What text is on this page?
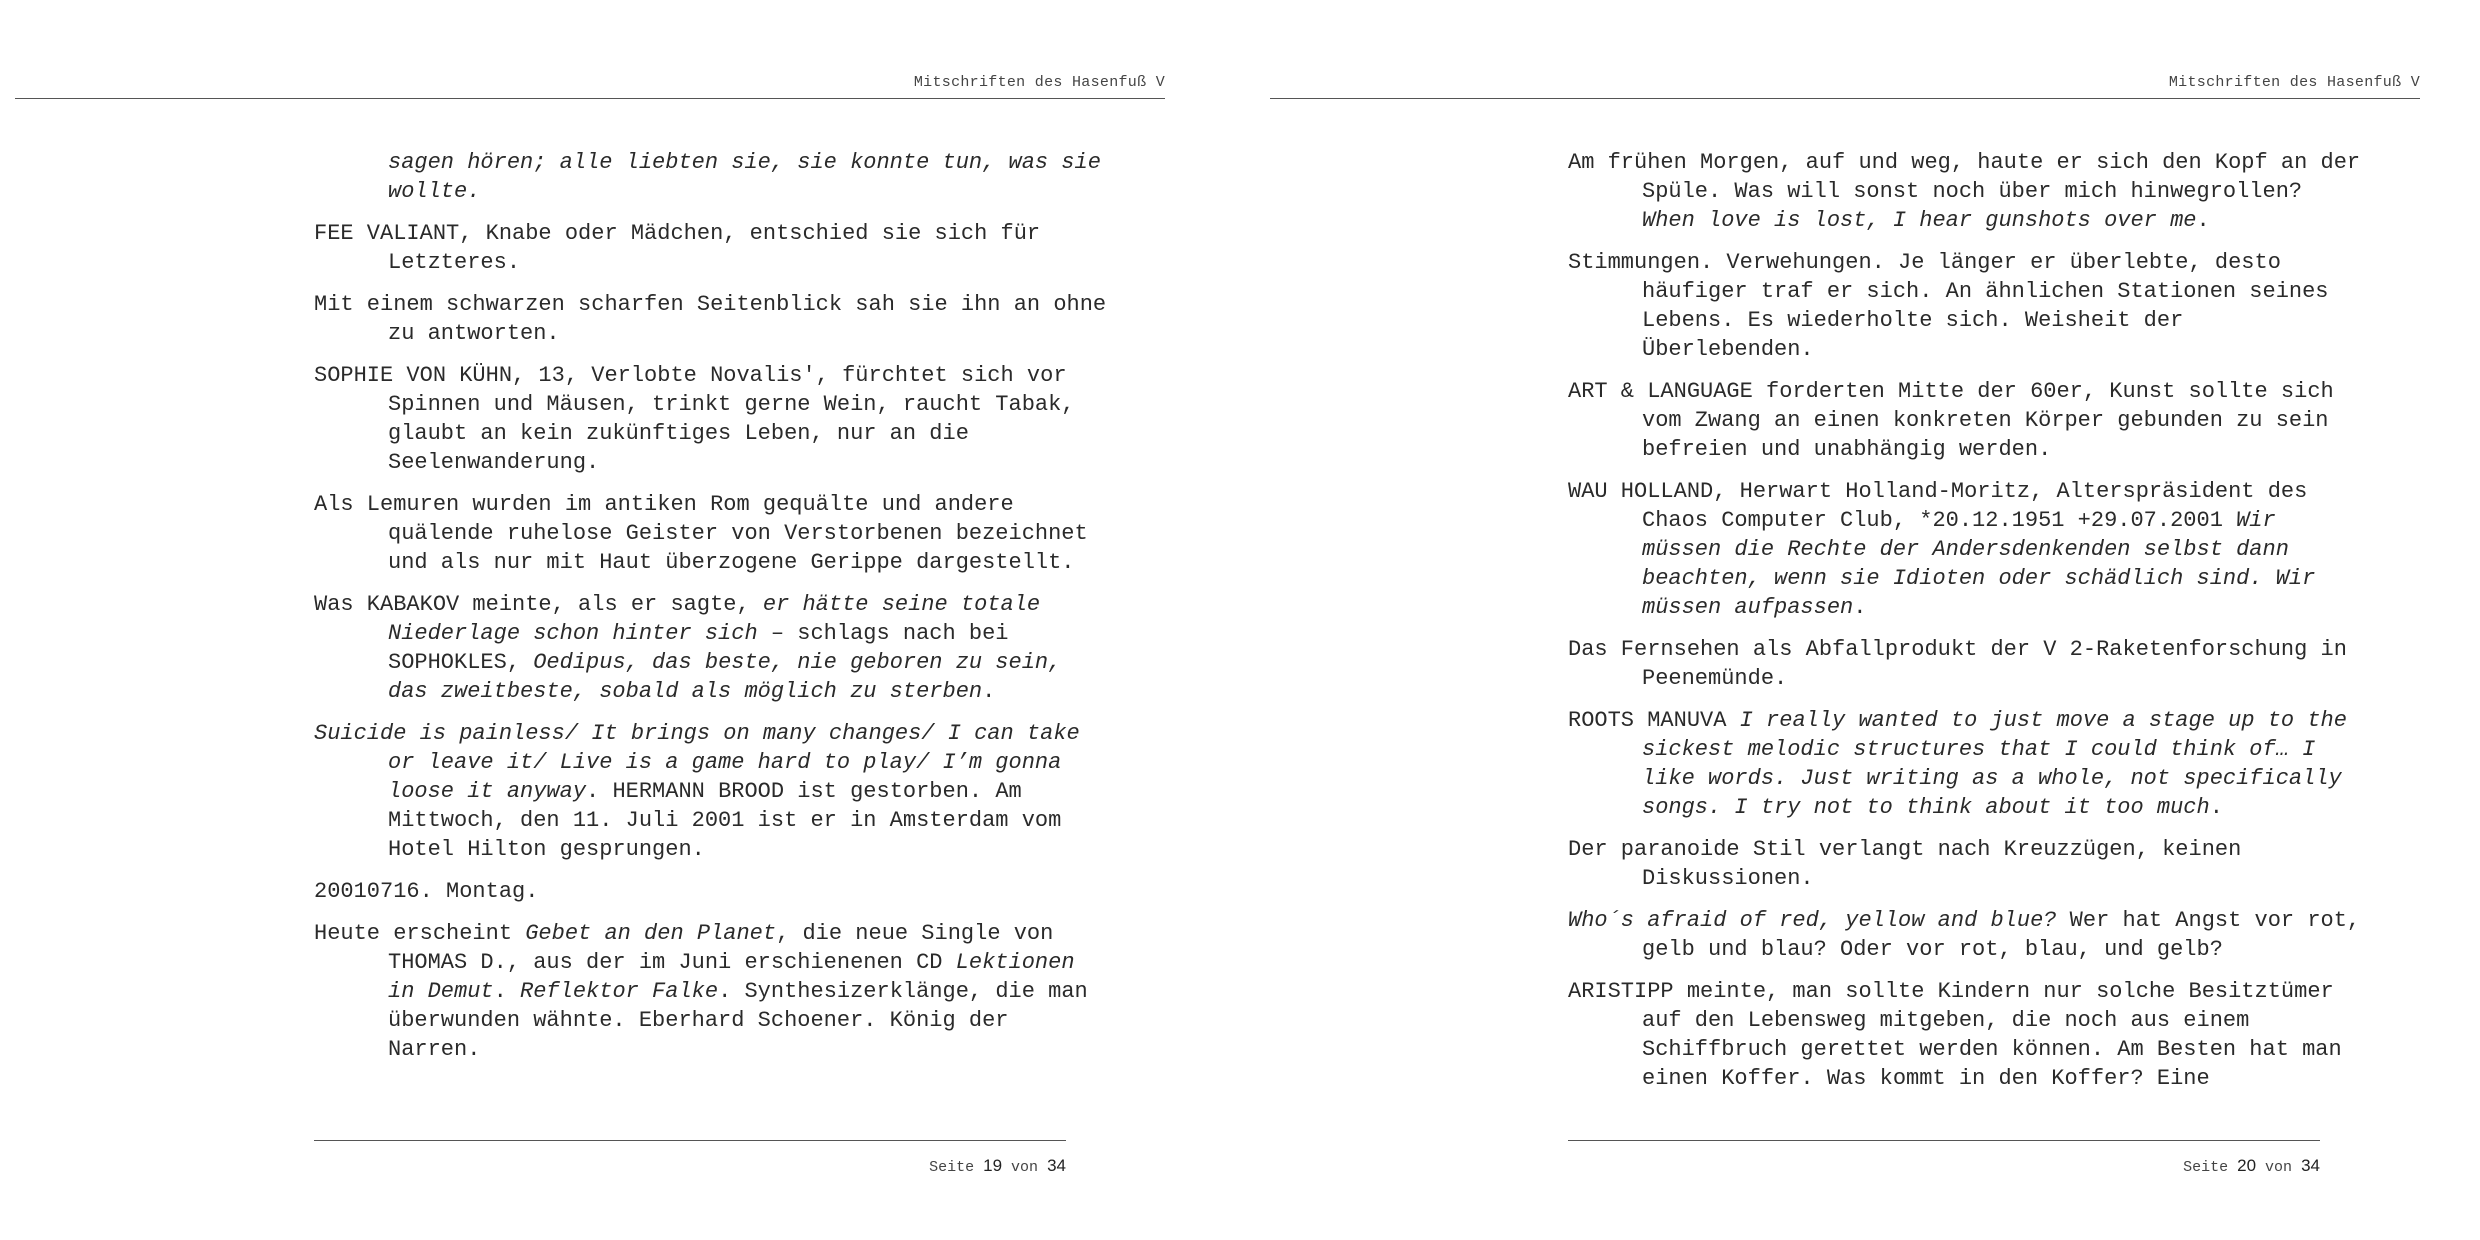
Mitschriften des Hasenfuß V

sagen hören; alle liebten sie, sie konnte tun, was sie wollte.

FEE VALIANT, Knabe oder Mädchen, entschied sie sich für Letzteres.

Mit einem schwarzen scharfen Seitenblick sah sie ihn an ohne zu antworten.

SOPHIE VON KÜHN, 13, Verlobte Novalis', fürchtet sich vor Spinnen und Mäusen, trinkt gerne Wein, raucht Tabak, glaubt an kein zukünftiges Leben, nur an die Seelenwanderung.

Als Lemuren wurden im antiken Rom gequälte und andere quälende ruhelose Geister von Verstorbenen bezeichnet und als nur mit Haut überzogene Gerippe dargestellt.

Was KABAKOV meinte, als er sagte, er hätte seine totale Niederlage schon hinter sich – schlags nach bei SOPHOKLES, Oedipus, das beste, nie geboren zu sein, das zweitbeste, sobald als möglich zu sterben.

Suicide is painless/ It brings on many changes/ I can take or leave it/ Live is a game hard to play/ I’m gonna loose it anyway. HERMANN BROOD ist gestorben. Am Mittwoch, den 11. Juli 2001 ist er in Amsterdam vom Hotel Hilton gesprungen.

20010716. Montag.

Heute erscheint Gebet an den Planet, die neue Single von THOMAS D., aus der im Juni erschienenen CD Lektionen in Demut. Reflektor Falke. Synthesizerklänge, die man überwunden wähnte. Eberhard Schoener. König der Narren.

Seite 19 von 34
Mitschriften des Hasenfuß V

Am frühen Morgen, auf und weg, haute er sich den Kopf an der Spüle. Was will sonst noch über mich hinwegrollen? When love is lost, I hear gunshots over me.

Stimmungen. Verwehungen. Je länger er überlebte, desto häufiger traf er sich. An ähnlichen Stationen seines Lebens. Es wiederholte sich. Weisheit der Überlebenden.

ART & LANGUAGE forderten Mitte der 60er, Kunst sollte sich vom Zwang an einen konkreten Körper gebunden zu sein befreien und unabhängig werden.

WAU HOLLAND, Herwart Holland-Moritz, Alterspräsident des Chaos Computer Club, *20.12.1951 +29.07.2001 Wir müssen die Rechte der Andersdenkenden selbst dann beachten, wenn sie Idioten oder schädlich sind. Wir müssen aufpassen.

Das Fernsehen als Abfallprodukt der V 2-Raketenforschung in Peenemünde.

ROOTS MANUVA I really wanted to just move a stage up to the sickest melodic structures that I could think of… I like words. Just writing as a whole, not specifically songs. I try not to think about it too much.

Der paranoide Stil verlangt nach Kreuzzügen, keinen Diskussionen.

Who´s afraid of red, yellow and blue? Wer hat Angst vor rot, gelb und blau? Oder vor rot, blau, und gelb?

ARISTIPP meinte, man sollte Kindern nur solche Besitztümer auf den Lebensweg mitgeben, die noch aus einem Schiffbruch gerettet werden können. Am Besten hat man einen Koffer. Was kommt in den Koffer? Eine

Seite 20 von 34
